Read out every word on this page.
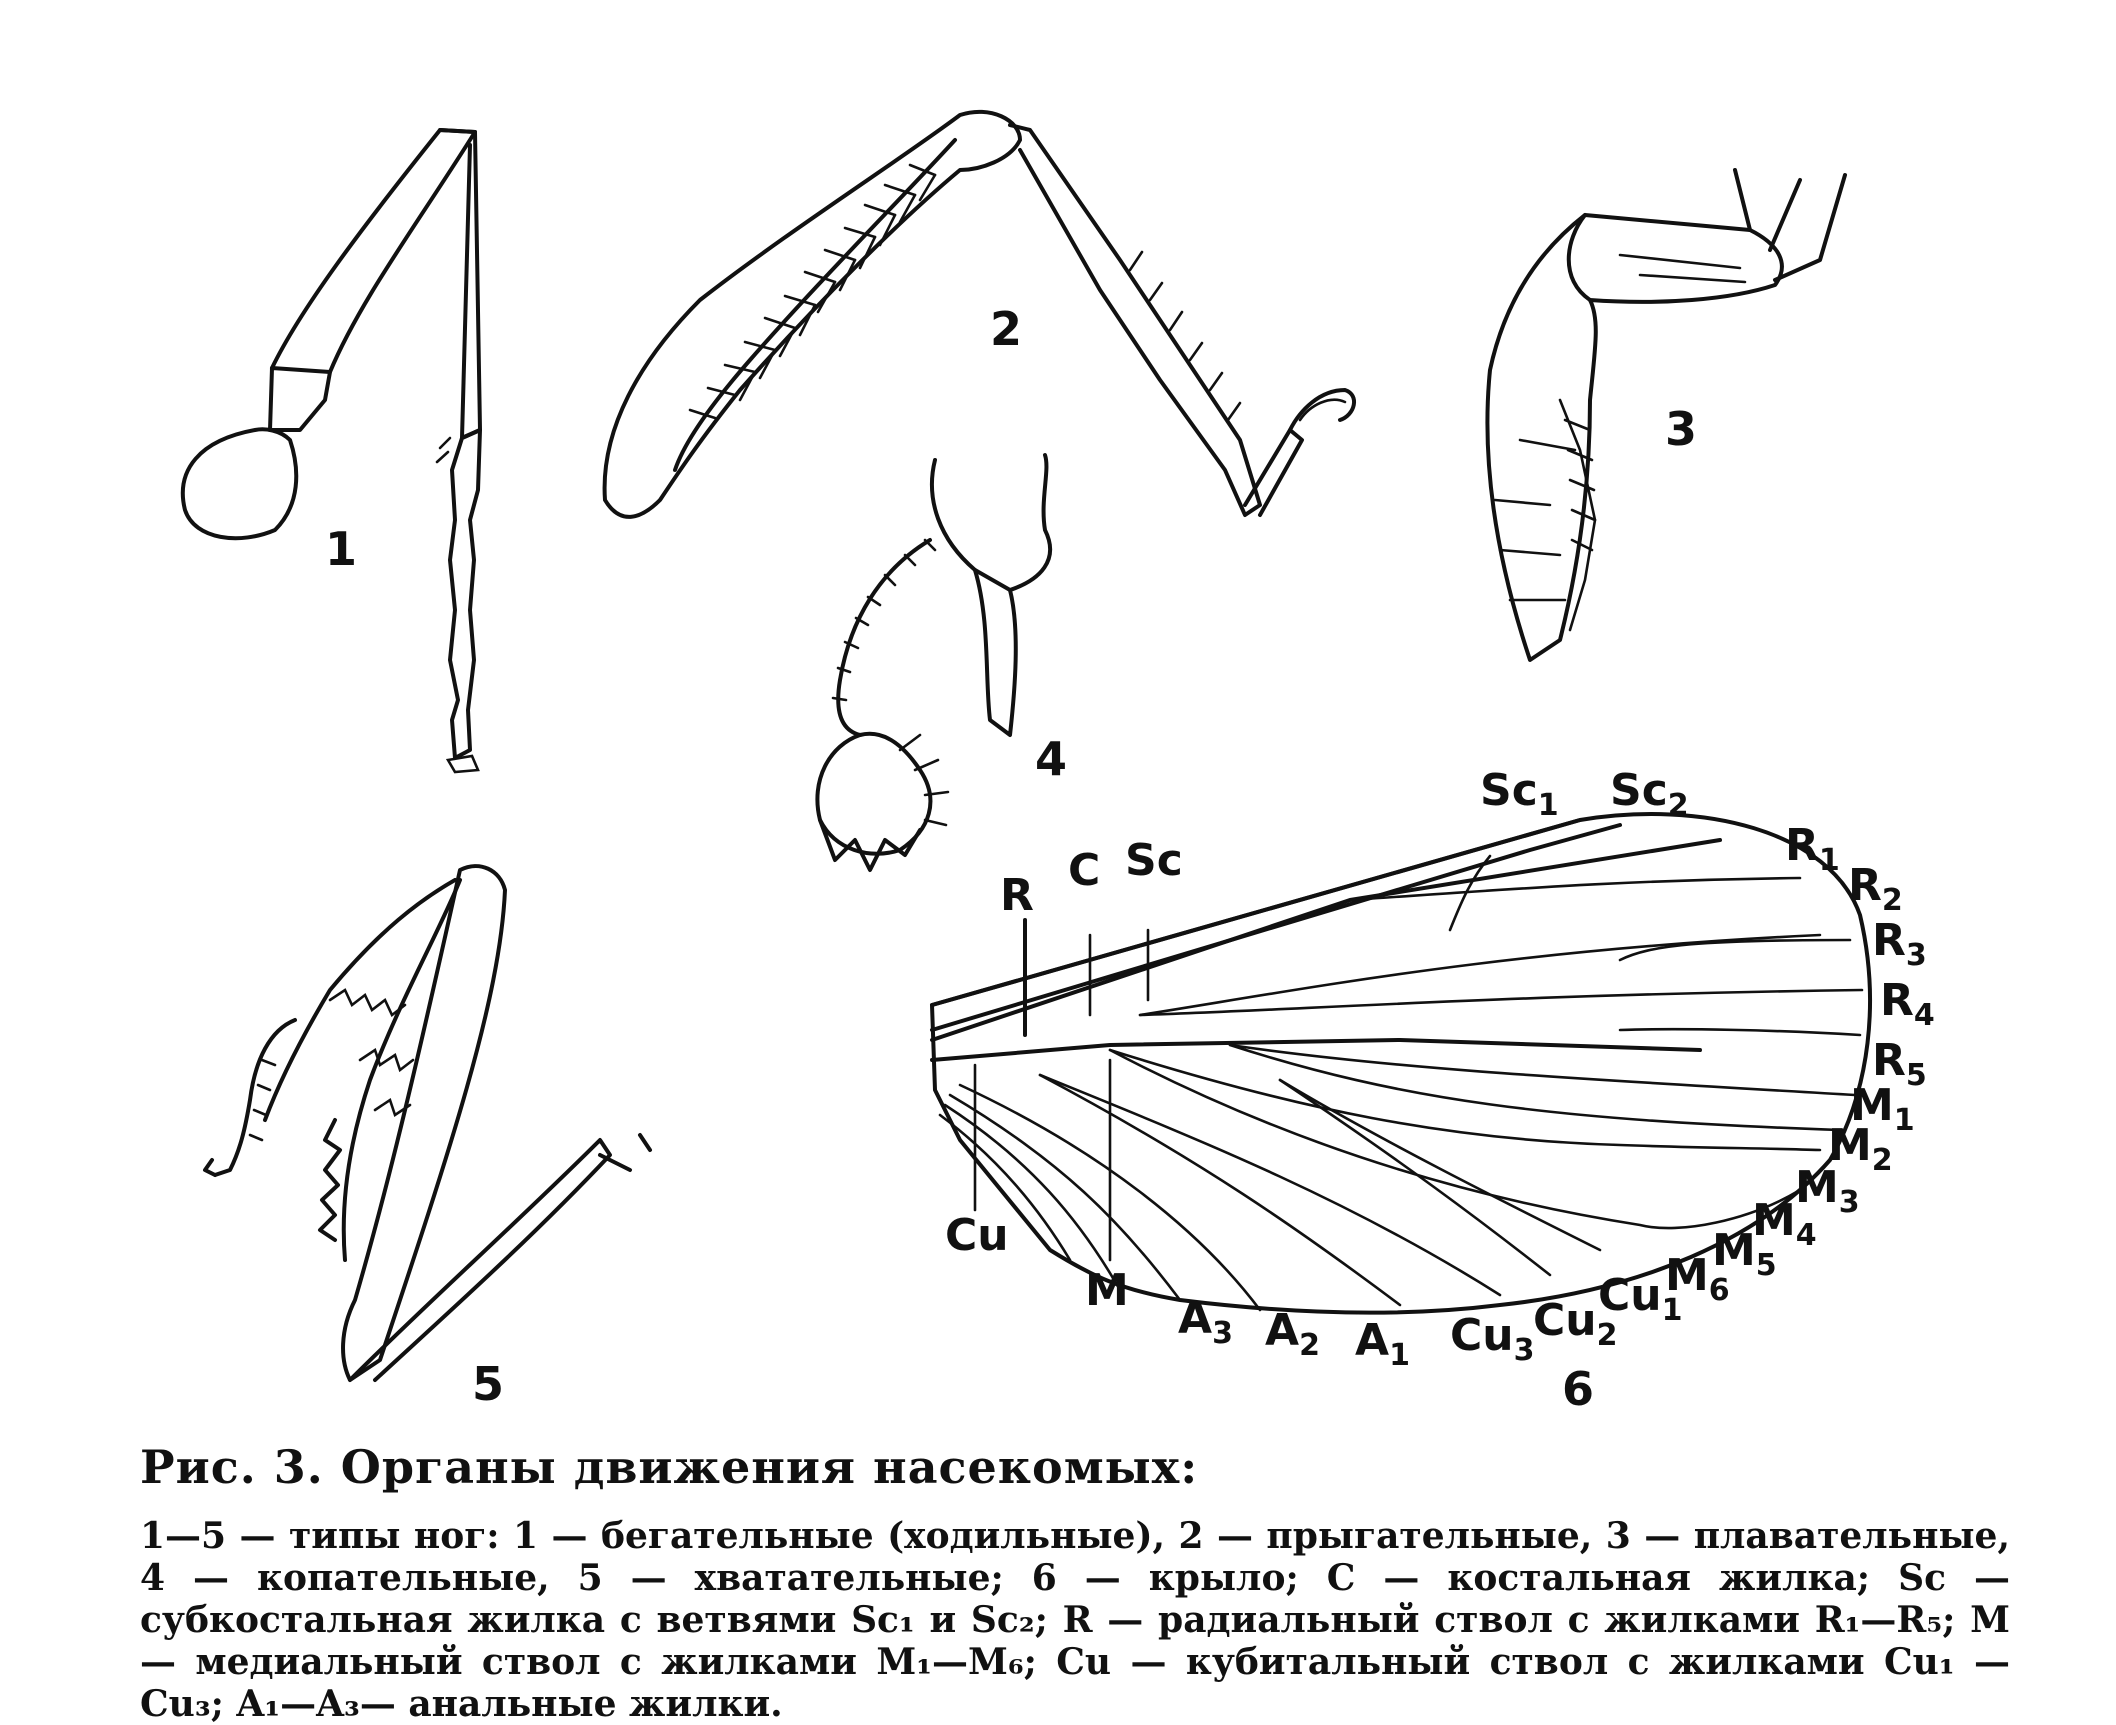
1
2
3
4
5	6
R C Sc
$Sc_1$ $Sc_2$
$R_1$ $R_2$
$R_3$
$R_4$
$R_5$
$M_1$
$M_2$
$M_3$
$M_4$
$M_5$
$M_6$
Cu
M	$Cu_1$
$Cu_2$
$Cu_3$
$A_1$
$A_2$
$A_3$
Рис. 3. Органы движения насекомых:
1—5 — типы ног: 1 — бегательные (ходильные), 2 — прыгательные, 3 — плавательные, 4 — копательные, 5 — хватательные; 6 — крыло; C — костальная жилка; Sc — субкостальная жилка с ветвями Sc₁ и Sc₂; R — радиальный ствол с жилками R₁—R₅; M — медиальный ствол с жилками M₁—M₆; Cu — кубитальный ствол с жилками Cu₁ — Cu₃; A₁—A₃— анальные жилки.
